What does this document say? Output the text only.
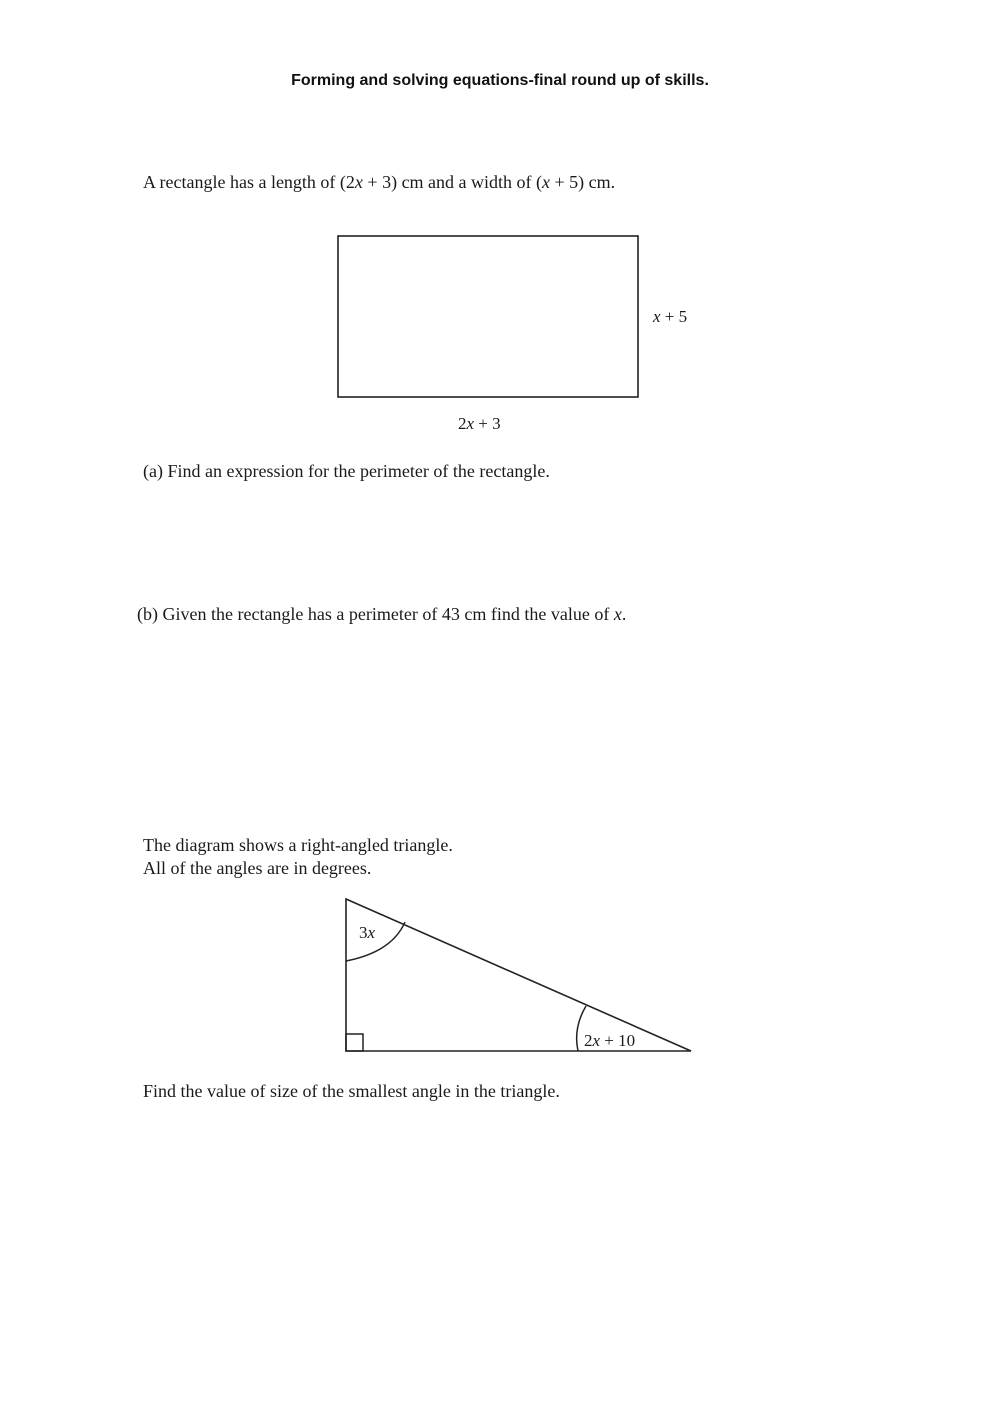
Forming and solving equations-final round up of skills.
A rectangle has a length of (2x + 3) cm and a width of (x + 5) cm.
x + 5
2x + 3
3x
2x + 10
(a) Find an expression for the perimeter of the rectangle.
(b) Given the rectangle has a perimeter of 43 cm find the value of x.
The diagram shows a right-angled triangle.
All of the angles are in degrees.
Find the value of size of the smallest angle in the triangle.
